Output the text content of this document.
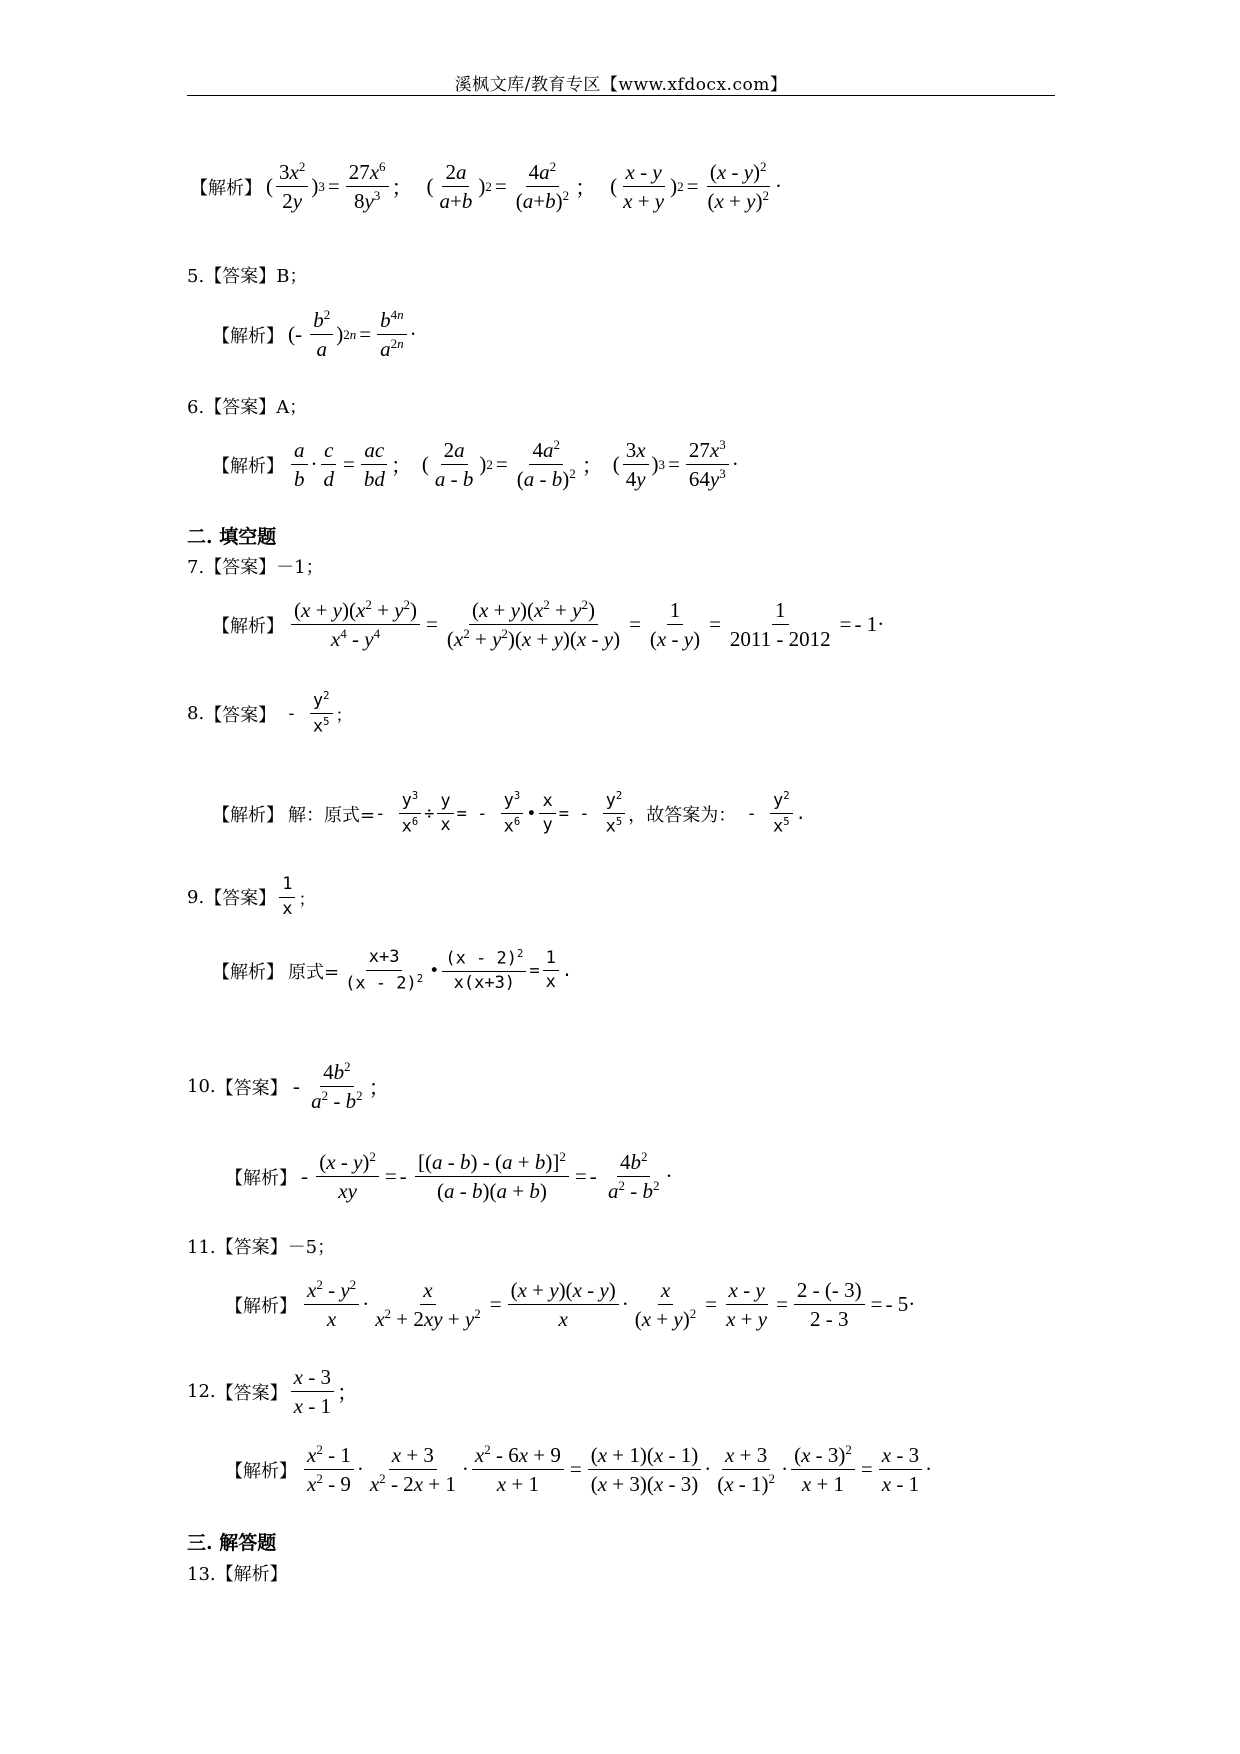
溪枫文库/教育专区【www.xfdocx.com】
【解析】 (
$3x^2$
2y
) $3 = \frac{27x^6}{8y^3}$ ；
(
2a
a+b
) $2 = \frac{4a^2}{(a+b)^2}$ ；
(
x - y
x + y
) $2 = \frac{(x - y)^2}{(x + y)^2}$ ·
5.【答案】B；
【解析】 (-
$b^2$
a
) $2n = \frac{b^{4n}}{a^{2n}}$ ·
6.【答案】A；
【解析】
a
b
· $\frac{c}{d} = \frac{ac}{bd}$ ；
(
2a
a - b
) $2 = \frac{4a^2}{(a - b)^2}$ ；
(
3x
4y
) $3 = \frac{27x^3}{64y^3}$ ·
二. 填空题
7.【答案】－1；
【解析】 $\frac{(x + y)(x^2 + y^2)}{x^4 - y^4} = \frac{(x + y)(x^2 + y^2)}{(x^2 + y^2)(x + y)(x - y)} = \frac{1}{(x - y)} = \frac{1}{2011 - 2012}$ = - 1·
8. 【答案】 -
$y^2$
$x^5$ ；
【解析】 解：原式= -
$y^3$
$x^6$ ÷
y
x
= -
$y^3$
$x^6$ •
x
y
= -
$y^2$
$x^5$ ，故答案为： -
$y^2$
$x^5$ .
9. 【答案】
1
x ；
【解析】 原式=
x+3
(x - 2)$^2$ •
(x - 2)$^2$
x(x+3)
=
1
x
.
10. 【答案】 -
$4b^2$
$a^2 - b^2$ ；
【解析】 - $\frac{(x - y)^2}{xy}$ = - $\frac{[(a - b) - (a + b)]^2}{(a - b)(a + b)}$ = - $\frac{4b^2}{a^2 - b^2}$ ·
11.【答案】－5；
【解析】
$x^2 - y^2$
x
· $\frac{x}{x^2 + 2xy + y^2} = \frac{(x + y)(x - y)}{x} \cdot \frac{x}{(x + y)^2} = \frac{x - y}{x + y} = \frac{2 - (- 3)}{2 - 3}$ = - 5·
12. 【答案】
x - 3
x - 1
；
【解析】
$x^2 - 1$
$x^2 - 9$
·
x + 3
$x^2 - 2x + 1$
· $\frac{x^2 - 6x + 9}{x + 1} = \frac{(x + 1)(x - 1)}{(x + 3)(x - 3)}$ ·
x + 3
$(x - 1)^2 \cdot \frac{(x - 3)^2}{x + 1} = \frac{x - 3}{x - 1}$ ·
三. 解答题
13.【解析】
